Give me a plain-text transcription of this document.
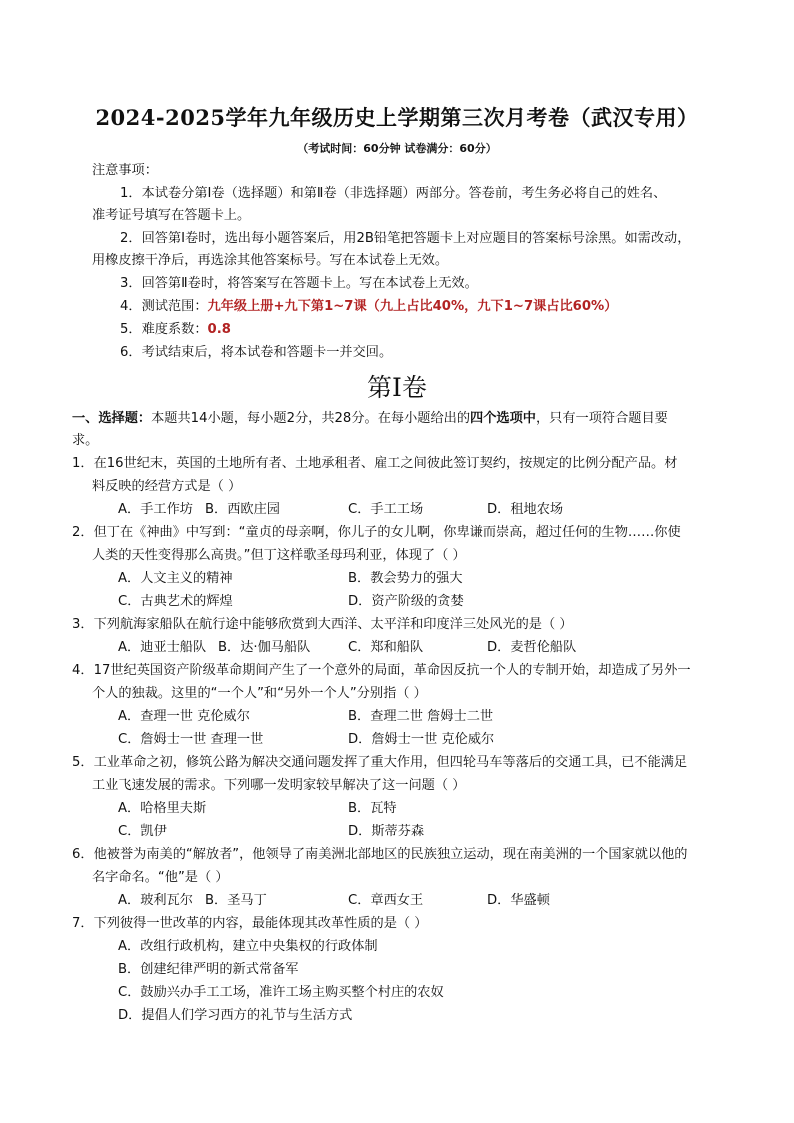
2024-2025学年九年级历史上学期第三次月考卷（武汉专用）
（考试时间：60分钟 试卷满分：60分）
注意事项：
1．本试卷分第Ⅰ卷（选择题）和第Ⅱ卷（非选择题）两部分。答卷前，考生务必将自己的姓名、
准考证号填写在答题卡上。
2．回答第Ⅰ卷时，选出每小题答案后，用2B铅笔把答题卡上对应题目的答案标号涂黑。如需改动，
用橡皮擦干净后，再选涂其他答案标号。写在本试卷上无效。
3．回答第Ⅱ卷时，将答案写在答题卡上。写在本试卷上无效。
4．测试范围：九年级上册+九下第1~7课（九上占比40%，九下1~7课占比60%）
5．难度系数：0.8
6．考试结束后，将本试卷和答题卡一并交回。
第Ⅰ卷
一、选择题：本题共14小题，每小题2分，共28分。在每小题给出的四个选项中，只有一项符合题目要
求。
1．在16世纪末，英国的土地所有者、土地承租者、雇工之间彼此签订契约，按规定的比例分配产品。材
料反映的经营方式是（ ）
A．手工作坊 B．西欧庄园	C．手工工场	D．租地农场
2．但丁在《神曲》中写到：“童贞的母亲啊，你儿子的女儿啊，你卑谦而崇高，超过任何的生物……你使
人类的天性变得那么高贵。”但丁这样歌圣母玛利亚，体现了（ ）
A．人文主义的精神	B．教会势力的强大
C．古典艺术的辉煌	D．资产阶级的贪婪
3．下列航海家船队在航行途中能够欣赏到大西洋、太平洋和印度洋三处风光的是（ ）
A．迪亚士船队 B．达·伽马船队	C．郑和船队	D．麦哲伦船队
4．17世纪英国资产阶级革命期间产生了一个意外的局面，革命因反抗一个人的专制开始，却造成了另外一
个人的独裁。这里的“一个人”和“另外一个人”分别指（ ）
A．查理一世 克伦威尔	B．查理二世 詹姆士二世
C．詹姆士一世 查理一世	D．詹姆士一世 克伦威尔
5．工业革命之初，修筑公路为解决交通问题发挥了重大作用，但四轮马车等落后的交通工具，已不能满足
工业飞速发展的需求。下列哪一发明家较早解决了这一问题（ ）
A．哈格里夫斯	B．瓦特
C．凯伊	D．斯蒂芬森
6．他被誉为南美的“解放者”，他领导了南美洲北部地区的民族独立运动，现在南美洲的一个国家就以他的
名字命名。“他”是（ ）
A．玻利瓦尔 B．圣马丁	C．章西女王	D．华盛顿
7．下列彼得一世改革的内容，最能体现其改革性质的是（ ）
A．改组行政机构，建立中央集权的行政体制
B．创建纪律严明的新式常备军
C．鼓励兴办手工工场，准许工场主购买整个村庄的农奴
D．提倡人们学习西方的礼节与生活方式
